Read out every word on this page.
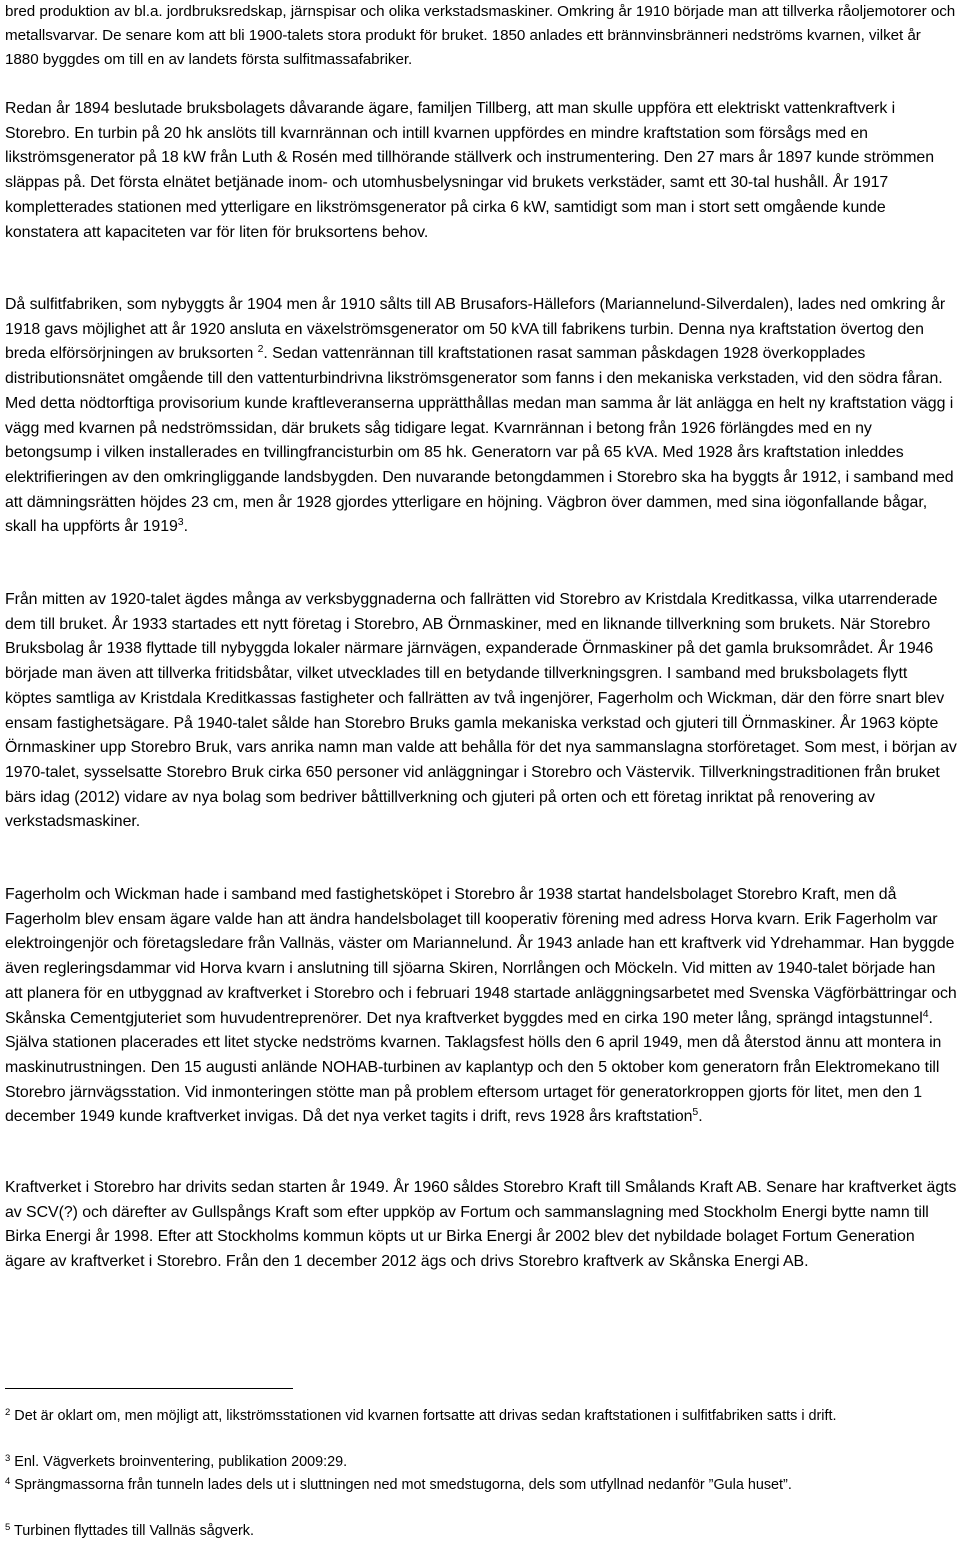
bred produktion av bl.a. jordbruksredskap, järnspisar och olika verkstadsmaskiner. Omkring år 1910 började man att tillverka råoljemotorer och metallsvarvar. De senare kom att bli 1900-talets stora produkt för bruket. 1850 anlades ett brännvinsbränneri nedströms kvarnen, vilket år 1880 byggdes om till en av landets första sulfitmassafabriker.

Redan år 1894 beslutade bruksbolagets dåvarande ägare, familjen Tillberg, att man skulle uppföra ett elektriskt vattenkraftverk i Storebro. En turbin på 20 hk anslöts till kvarnrännan och intill kvarnen uppfördes en mindre kraftstation som försågs med en likströmsgenerator på 18 kW från Luth & Rosén med tillhörande ställverk och instrumentering. Den 27 mars år 1897 kunde strömmen släppas på. Det första elnätet betjänade inom- och utomhusbelysningar vid brukets verkstäder, samt ett 30-tal hushåll. År 1917 kompletterades stationen med ytterligare en likströmsgenerator på cirka 6 kW, samtidigt som man i stort sett omgående kunde konstatera att kapaciteten var för liten för bruksortens behov.

Då sulfitfabriken, som nybyggts år 1904 men år 1910 sålts till AB Brusafors-Hällefors (Mariannelund-Silverdalen), lades ned omkring år 1918 gavs möjlighet att år 1920 ansluta en växelströmsgenerator om 50 kVA till fabrikens turbin. Denna nya kraftstation övertog den breda elförsörjningen av bruksorten $^2$. Sedan vattenrännan till kraftstationen rasat samman påskdagen 1928 överkopplades distributionsnätet omgående till den vattenturbindrivna likströmsgenerator som fanns i den mekaniska verkstaden, vid den södra fåran. Med detta nödtorftiga provisorium kunde kraftleveranserna upprätthållas medan man samma år lät anlägga en helt ny kraftstation vägg i vägg med kvarnen på nedströmssidan, där brukets såg tidigare legat. Kvarnrännan i betong från 1926 förlängdes med en ny betongsump i vilken installerades en tvillingfrancisturbin om 85 hk. Generatorn var på 65 kVA. Med 1928 års kraftstation inleddes elektrifieringen av den omkringliggande landsbygden. Den nuvarande betongdammen i Storebro ska ha byggts år 1912, i samband med att dämningsrätten höjdes 23 cm, men år 1928 gjordes ytterligare en höjning. Vägbron över dammen, med sina iögonfallande bågar, skall ha uppförts år 1919$^3$.

Från mitten av 1920-talet ägdes många av verksbyggnaderna och fallrätten vid Storebro av Kristdala Kreditkassa, vilka utarrenderade dem till bruket. År 1933 startades ett nytt företag i Storebro, AB Örnmaskiner, med en liknande tillverkning som brukets. När Storebro Bruksbolag år 1938 flyttade till nybyggda lokaler närmare järnvägen, expanderade Örnmaskiner på det gamla bruksområdet. År 1946 började man även att tillverka fritidsbåtar, vilket utvecklades till en betydande tillverkningsgren. I samband med bruksbolagets flytt köptes samtliga av Kristdala Kreditkassas fastigheter och fallrätten av två ingenjörer, Fagerholm och Wickman, där den förre snart blev ensam fastighetsägare. På 1940-talet sålde han Storebro Bruks gamla mekaniska verkstad och gjuteri till Örnmaskiner. År 1963 köpte Örnmaskiner upp Storebro Bruk, vars anrika namn man valde att behålla för det nya sammanslagna storföretaget. Som mest, i början av 1970-talet, sysselsatte Storebro Bruk cirka 650 personer vid anläggningar i Storebro och Västervik. Tillverkningstraditionen från bruket bärs idag (2012) vidare av nya bolag som bedriver båttillverkning och gjuteri på orten och ett företag inriktat på renovering av verkstadsmaskiner.

Fagerholm och Wickman hade i samband med fastighetsköpet i Storebro år 1938 startat handelsbolaget Storebro Kraft, men då Fagerholm blev ensam ägare valde han att ändra handelsbolaget till kooperativ förening med adress Horva kvarn. Erik Fagerholm var elektroingenjör och företagsledare från Vallnäs, väster om Mariannelund. År 1943 anlade han ett kraftverk vid Ydrehammar. Han byggde även regleringsdammar vid Horva kvarn i anslutning till sjöarna Skiren, Norrlången och Möckeln. Vid mitten av 1940-talet började han att planera för en utbyggnad av kraftverket i Storebro och i februari 1948 startade anläggningsarbetet med Svenska Vägförbättringar och Skånska Cementgjuteriet som huvudentreprenörer. Det nya kraftverket byggdes med en cirka 190 meter lång, sprängd intagstunnel$^4$. Själva stationen placerades ett litet stycke nedströms kvarnen. Taklagsfest hölls den 6 april 1949, men då återstod ännu att montera in maskinutrustningen. Den 15 augusti anlände NOHAB-turbinen av kaplantyp och den 5 oktober kom generatorn från Elektromekano till Storebro järnvägsstation. Vid inmonteringen stötte man på problem eftersom urtaget för generatorkroppen gjorts för litet, men den 1 december 1949 kunde kraftverket invigas. Då det nya verket tagits i drift, revs 1928 års kraftstation$^5$.

Kraftverket i Storebro har drivits sedan starten år 1949. År 1960 såldes Storebro Kraft till Smålands Kraft AB. Senare har kraftverket ägts av SCV(?) och därefter av Gullspångs Kraft som efter uppköp av Fortum och sammanslagning med Stockholm Energi bytte namn till Birka Energi år 1998. Efter att Stockholms kommun köpts ut ur Birka Energi år 2002 blev det nybildade bolaget Fortum Generation ägare av kraftverket i Storebro. Från den 1 december 2012 ägs och drivs Storebro kraftverk av Skånska Energi AB.

$^2$ Det är oklart om, men möjligt att, likströmsstationen vid kvarnen fortsatte att drivas sedan kraftstationen i sulfitfabriken satts i drift.

$^3$ Enl. Vägverkets broinventering, publikation 2009:29.

$^4$ Sprängmassorna från tunneln lades dels ut i sluttningen ned mot smedstugorna, dels som utfyllnad nedanför ”Gula huset”.

$^5$ Turbinen flyttades till Vallnäs sågverk.
